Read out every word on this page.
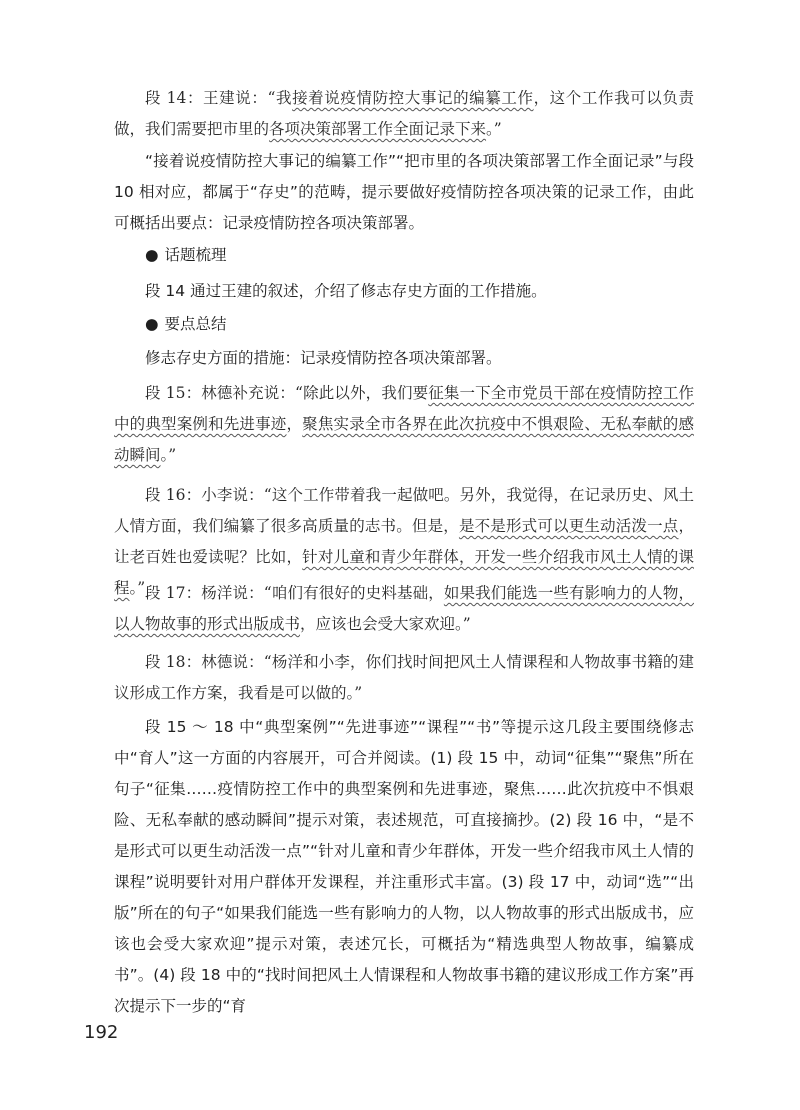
段 14：王建说：“我接着说疫情防控大事记的编纂工作，这个工作我可以负责做，我们需要把市里的各项决策部署工作全面记录下来。”

“接着说疫情防控大事记的编纂工作”“把市里的各项决策部署工作全面记录”与段 10 相对应，都属于“存史”的范畴，提示要做好疫情防控各项决策的记录工作，由此可概括出要点：记录疫情防控各项决策部署。

● 话题梳理

段 14 通过王建的叙述，介绍了修志存史方面的工作措施。

● 要点总结

修志存史方面的措施：记录疫情防控各项决策部署。

段 15：林德补充说：“除此以外，我们要征集一下全市党员干部在疫情防控工作中的典型案例和先进事迹，聚焦实录全市各界在此次抗疫中不惧艰险、无私奉献的感动瞬间。”

段 16：小李说：“这个工作带着我一起做吧。另外，我觉得，在记录历史、风土人情方面，我们编纂了很多高质量的志书。但是，是不是形式可以更生动活泼一点，让老百姓也爱读呢？比如，针对儿童和青少年群体，开发一些介绍我市风土人情的课程。” 段 17：杨洋说：“咱们有很好的史料基础，如果我们能选一些有影响力的人物，以人物故事的形式出版成书，应该也会受大家欢迎。”

段 18：林德说：“杨洋和小李，你们找时间把风土人情课程和人物故事书籍的建议形成工作方案，我看是可以做的。”

段 15 ～ 18 中“典型案例”“先进事迹”“课程”“书”等提示这几段主要围绕修志中“育人”这一方面的内容展开，可合并阅读。(1) 段 15 中，动词“征集”“聚焦”所在句子“征集……疫情防控工作中的典型案例和先进事迹，聚焦……此次抗疫中不惧艰险、无私奉献的感动瞬间”提示对策，表述规范，可直接摘抄。(2) 段 16 中，“是不是形式可以更生动活泼一点”“针对儿童和青少年群体，开发一些介绍我市风土人情的课程”说明要针对用户群体开发课程，并注重形式丰富。(3) 段 17 中，动词“选”“出版”所在的句子“如果我们能选一些有影响力的人物，以人物故事的形式出版成书，应该也会受大家欢迎”提示对策，表述冗长，可概括为“精选典型人物故事，编纂成书”。(4) 段 18 中的“找时间把风土人情课程和人物故事书籍的建议形成工作方案”再次提示下一步的“育

192
